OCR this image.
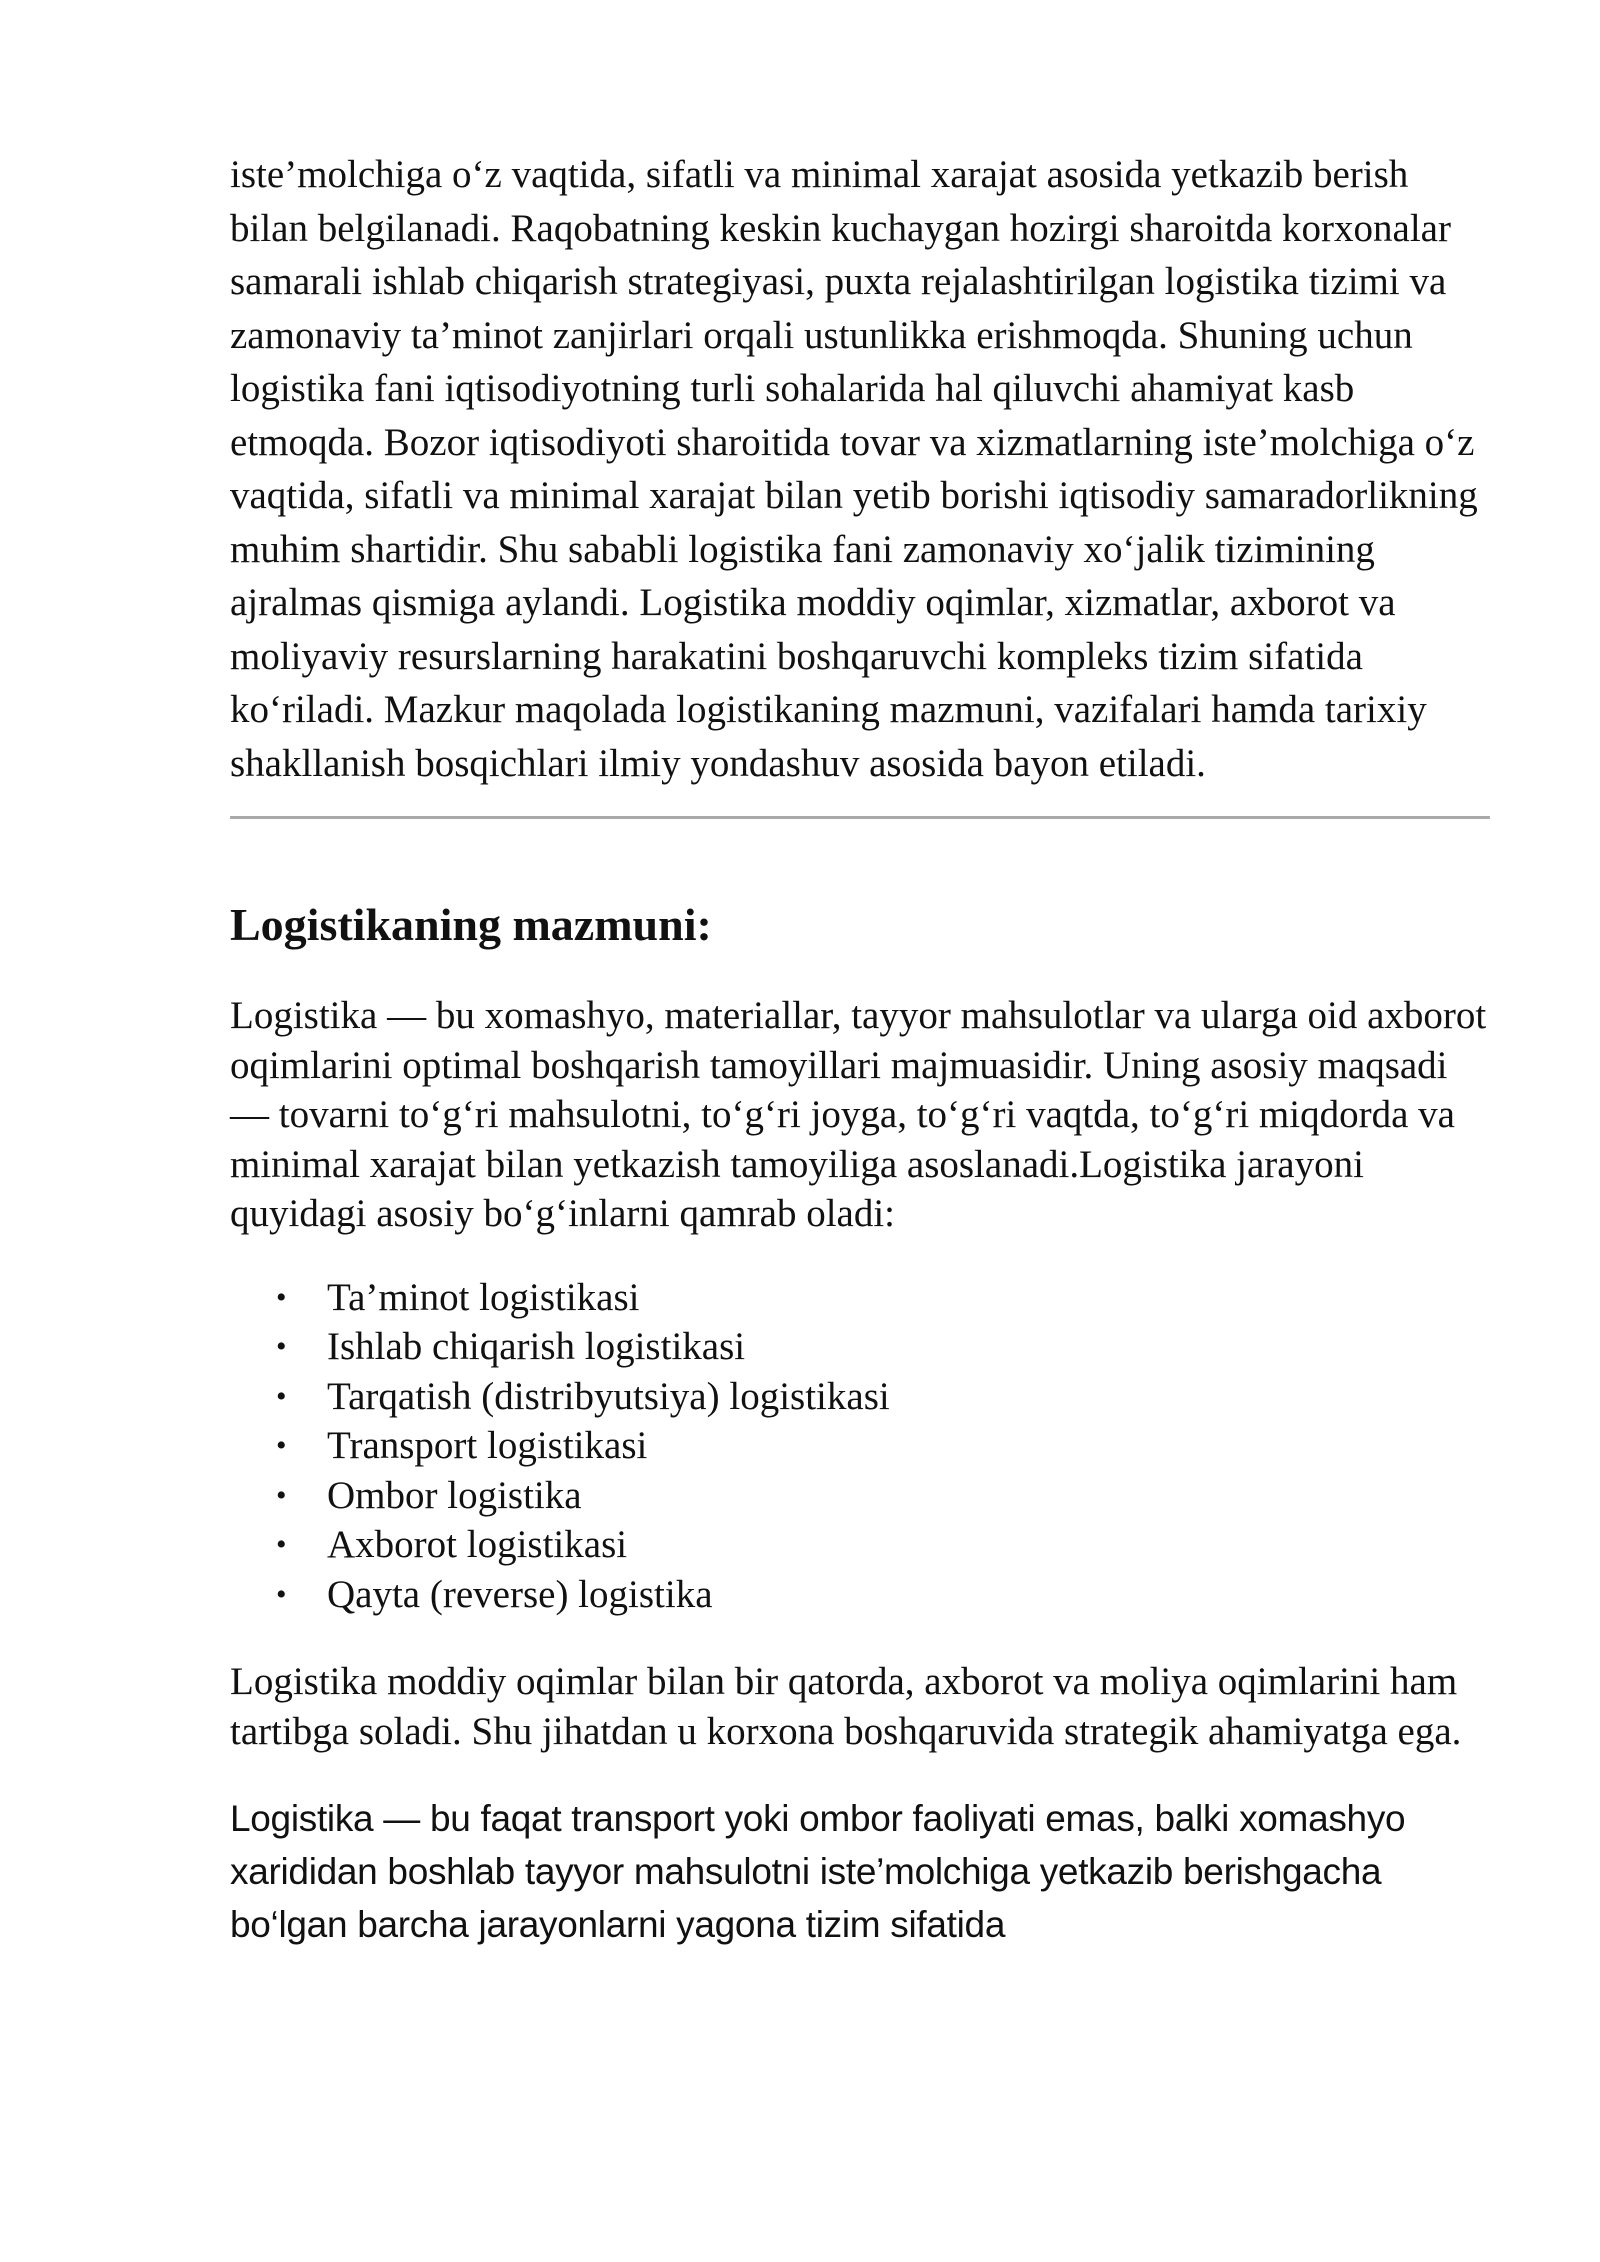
iste’molchiga o‘z vaqtida, sifatli va minimal xarajat asosida yetkazib berish bilan belgilanadi. Raqobatning keskin kuchaygan hozirgi sharoitda korxonalar samarali ishlab chiqarish strategiyasi, puxta rejalashtirilgan logistika tizimi va zamonaviy ta’minot zanjirlari orqali ustunlikka erishmoqda. Shuning uchun logistika fani iqtisodiyotning turli sohalarida hal qiluvchi ahamiyat kasb etmoqda. Bozor iqtisodiyoti sharoitida tovar va xizmatlarning iste’molchiga o‘z vaqtida, sifatli va minimal xarajat bilan yetib borishi iqtisodiy samaradorlikning muhim shartidir. Shu sababli logistika fani zamonaviy xo‘jalik tizimining ajralmas qismiga aylandi. Logistika moddiy oqimlar, xizmatlar, axborot va moliyaviy resurslarning harakatini boshqaruvchi kompleks tizim sifatida ko‘riladi. Mazkur maqolada logistikaning mazmuni, vazifalari hamda tarixiy shakllanish bosqichlari ilmiy yondashuv asosida bayon etiladi.

Logistikaning mazmuni:

Logistika — bu xomashyo, materiallar, tayyor mahsulotlar va ularga oid axborot oqimlarini optimal boshqarish tamoyillari majmuasidir. Uning asosiy maqsadi — tovarni to‘g‘ri mahsulotni, to‘g‘ri joyga, to‘g‘ri vaqtda, to‘g‘ri miqdorda va minimal xarajat bilan yetkazish tamoyiliga asoslanadi.Logistika jarayoni quyidagi asosiy bo‘g‘inlarni qamrab oladi:

• Ta’minot logistikasi
• Ishlab chiqarish logistikasi
• Tarqatish (distribyutsiya) logistikasi
• Transport logistikasi
• Ombor logistika
• Axborot logistikasi
• Qayta (reverse) logistika

Logistika moddiy oqimlar bilan bir qatorda, axborot va moliya oqimlarini ham tartibga soladi. Shu jihatdan u korxona boshqaruvida strategik ahamiyatga ega.

Logistika — bu faqat transport yoki ombor faoliyati emas, balki xomashyo xarididan boshlab tayyor mahsulotni iste’molchiga yetkazib berishgacha bo‘lgan barcha jarayonlarni yagona tizim sifatida
